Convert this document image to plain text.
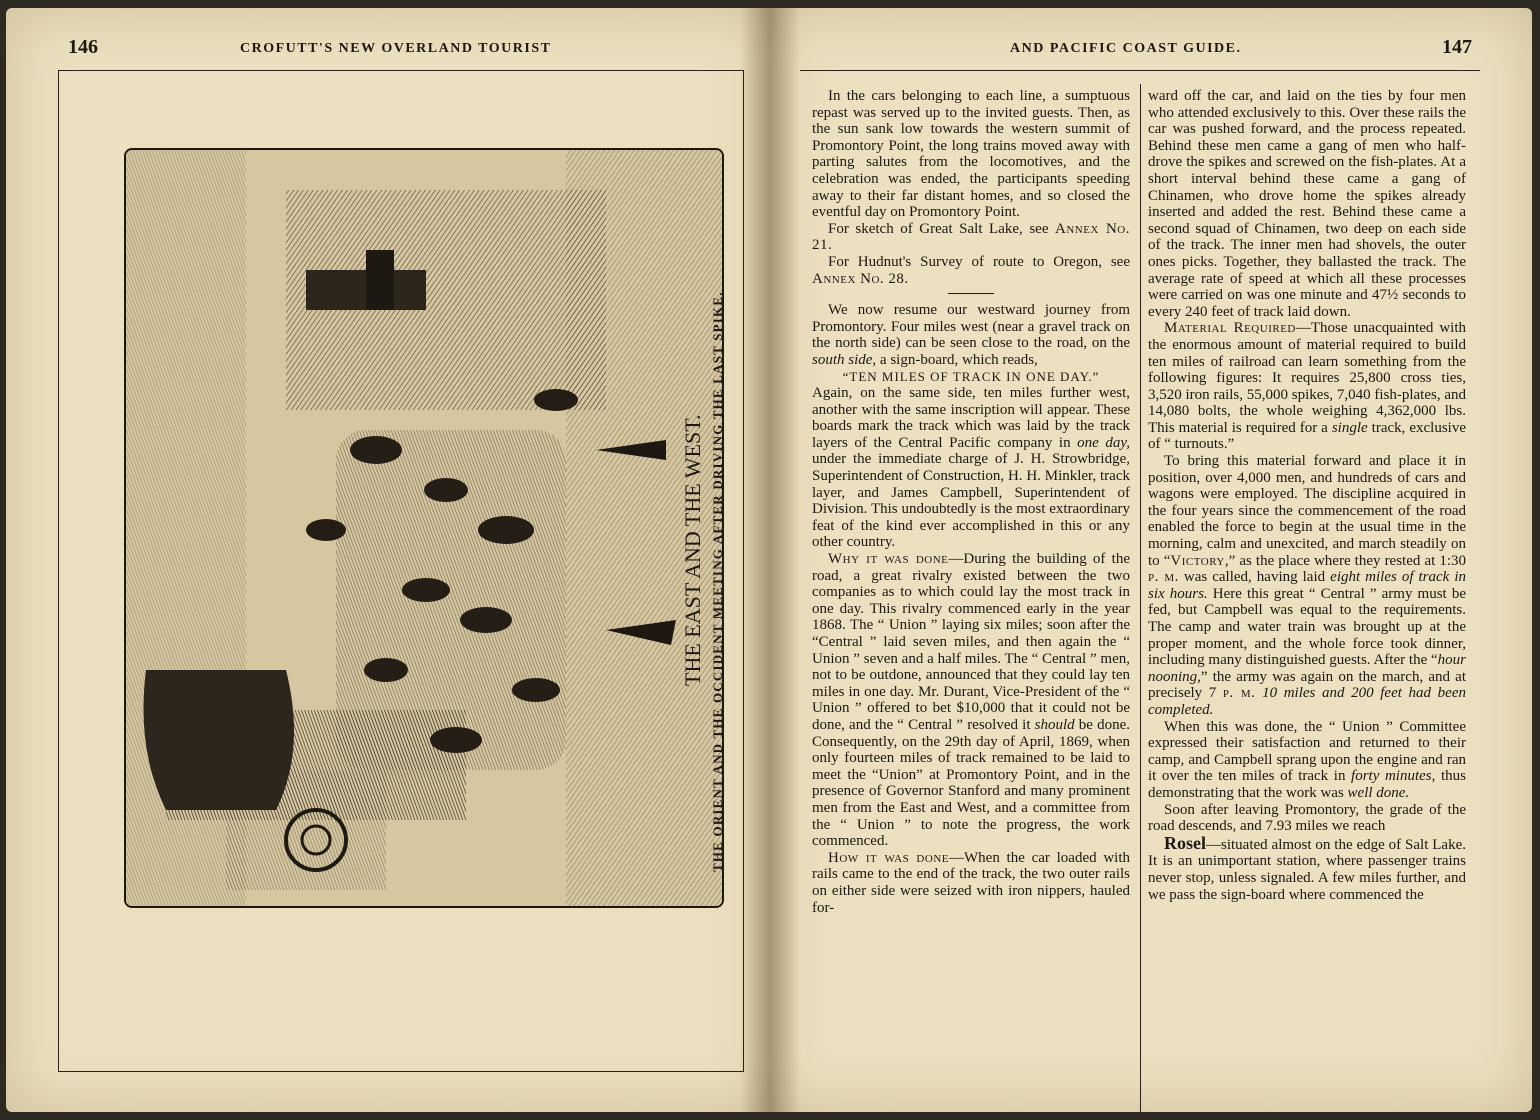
146	CROFUTT'S NEW OVERLAND TOURIST
THE EAST AND THE WEST. THE ORIENT AND THE OCCIDENT MEETING AFTER DRIVING THE LAST SPIKE.
AND PACIFIC COAST GUIDE.	147

In the cars belonging to each line, a sumptuous repast was served up to the invited guests. Then, as the sun sank low towards the western summit of Promontory Point, the long trains moved away with parting salutes from the locomotives, and the celebration was ended, the participants speeding away to their far distant homes, and so closed the eventful day on Promontory Point.

For sketch of Great Salt Lake, see Annex No. 21.

For Hudnut's Survey of route to Oregon, see Annex No. 28.

We now resume our westward journey from Promontory. Four miles west (near a gravel track on the north side) can be seen close to the road, on the south side, a sign-board, which reads,

“TEN MILES OF TRACK IN ONE DAY.”

Again, on the same side, ten miles further west, another with the same inscription will appear. These boards mark the track which was laid by the track layers of the Central Pacific company in one day, under the immediate charge of J. H. Strowbridge, Superintendent of Construction, H. H. Minkler, track layer, and James Campbell, Superintendent of Division. This undoubtedly is the most extraordinary feat of the kind ever accomplished in this or any other country.

Why it was done—During the building of the road, a great rivalry existed between the two companies as to which could lay the most track in one day. This rivalry commenced early in the year 1868. The “ Union ” laying six miles; soon after the “Central ” laid seven miles, and then again the “ Union ” seven and a half miles. The “ Central ” men, not to be outdone, announced that they could lay ten miles in one day. Mr. Durant, Vice-President of the “ Union ” offered to bet $10,000 that it could not be done, and the “ Central ” resolved it should be done. Consequently, on the 29th day of April, 1869, when only fourteen miles of track remained to be laid to meet the “Union” at Promontory Point, and in the presence of Governor Stanford and many prominent men from the East and West, and a committee from the “ Union ” to note the progress, the work commenced.

How it was done—When the car loaded with rails came to the end of the track, the two outer rails on either side were seized with iron nippers, hauled for-

ward off the car, and laid on the ties by four men who attended exclusively to this. Over these rails the car was pushed forward, and the process repeated. Behind these men came a gang of men who half-drove the spikes and screwed on the fish-plates. At a short interval behind these came a gang of Chinamen, who drove home the spikes already inserted and added the rest. Behind these came a second squad of Chinamen, two deep on each side of the track. The inner men had shovels, the outer ones picks. Together, they ballasted the track. The average rate of speed at which all these processes were carried on was one minute and 47½ seconds to every 240 feet of track laid down.

Material Required—Those unacquainted with the enormous amount of material required to build ten miles of railroad can learn something from the following figures: It requires 25,800 cross ties, 3,520 iron rails, 55,000 spikes, 7,040 fish-plates, and 14,080 bolts, the whole weighing 4,362,000 lbs. This material is required for a single track, exclusive of “ turnouts.”

To bring this material forward and place it in position, over 4,000 men, and hundreds of cars and wagons were employed. The discipline acquired in the four years since the commencement of the road enabled the force to begin at the usual time in the morning, calm and unexcited, and march steadily on to “Victory,” as the place where they rested at 1:30 p. m. was called, having laid eight miles of track in six hours. Here this great “ Central ” army must be fed, but Campbell was equal to the requirements. The camp and water train was brought up at the proper moment, and the whole force took dinner, including many distinguished guests. After the “hour nooning,” the army was again on the march, and at precisely 7 p. m. 10 miles and 200 feet had been completed.

When this was done, the “ Union ” Committee expressed their satisfaction and returned to their camp, and Campbell sprang upon the engine and ran it over the ten miles of track in forty minutes, thus demonstrating that the work was well done.

Soon after leaving Promontory, the grade of the road descends, and 7.93 miles we reach

Rosel—situated almost on the edge of Salt Lake. It is an unimportant station, where passenger trains never stop, unless signaled. A few miles further, and we pass the sign-board where commenced the
